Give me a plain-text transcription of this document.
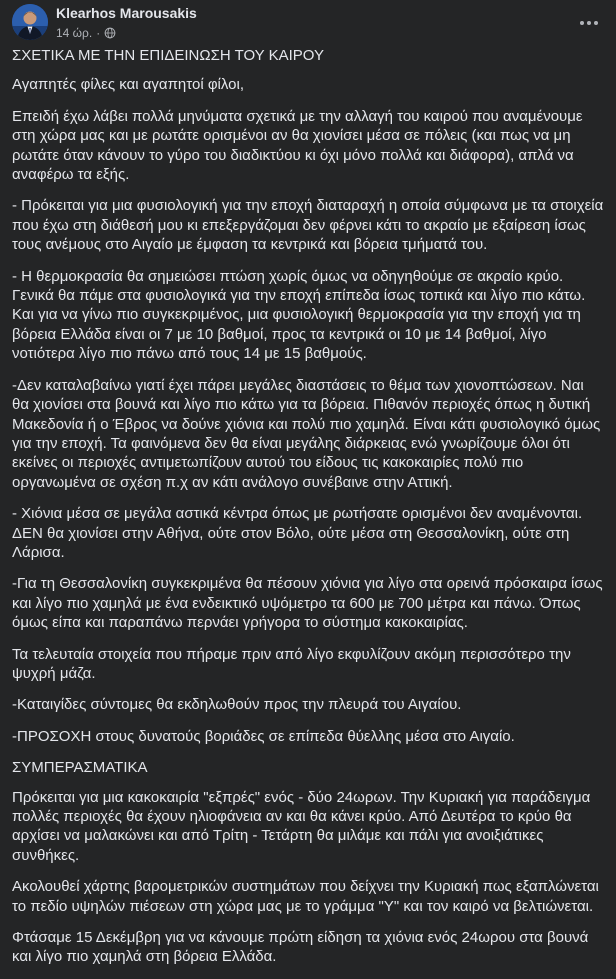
Klearhos Marousakis
14 ώρ. ·

ΣΧΕΤΙΚΑ ΜΕ ΤΗΝ ΕΠΙΔΕΙΝΩΣΗ ΤΟΥ ΚΑΙΡΟΥ

Αγαπητές φίλες και αγαπητοί φίλοι,

Επειδή έχω λάβει πολλά μηνύματα σχετικά με την αλλαγή του καιρού που αναμένουμε στη χώρα μας και με ρωτάτε ορισμένοι αν θα χιονίσει μέσα σε πόλεις (και πως να μη ρωτάτε όταν κάνουν το γύρο του διαδικτύου κι όχι μόνο πολλά και διάφορα), απλά να αναφέρω τα εξής.

- Πρόκειται για μια φυσιολογική για την εποχή διαταραχή η οποία σύμφωνα με τα στοιχεία που έχω στη διάθεσή μου κι επεξεργάζομαι δεν φέρνει κάτι το ακραίο με εξαίρεση ίσως τους ανέμους στο Αιγαίο με έμφαση τα κεντρικά και βόρεια τμήματά του.

- Η θερμοκρασία θα σημειώσει πτώση χωρίς όμως να οδηγηθούμε σε ακραίο κρύο. Γενικά θα πάμε στα φυσιολογικά για την εποχή επίπεδα ίσως τοπικά και λίγο πιο κάτω. Και για να γίνω πιο συγκεκριμένος, μια φυσιολογική θερμοκρασία για την εποχή για τη βόρεια Ελλάδα είναι οι 7 με 10 βαθμοί, προς τα κεντρικά οι 10 με 14 βαθμοί, λίγο νοτιότερα λίγο πιο πάνω από τους 14 με 15 βαθμούς.

-Δεν καταλαβαίνω γιατί έχει πάρει μεγάλες διαστάσεις το θέμα των χιονοπτώσεων. Ναι θα χιονίσει στα βουνά και λίγο πιο κάτω για τα βόρεια. Πιθανόν περιοχές όπως η δυτική Μακεδονία ή ο Έβρος να δούνε χιόνια και πολύ πιο χαμηλά. Είναι κάτι φυσιολογικό όμως για την εποχή. Τα φαινόμενα δεν θα είναι μεγάλης διάρκειας ενώ γνωρίζουμε όλοι ότι εκείνες οι περιοχές αντιμετωπίζουν αυτού του είδους τις κακοκαιρίες πολύ πιο οργανωμένα σε σχέση π.χ αν κάτι ανάλογο συνέβαινε στην Αττική.

- Χιόνια μέσα σε μεγάλα αστικά κέντρα όπως με ρωτήσατε ορισμένοι δεν αναμένονται. ΔΕΝ θα χιονίσει στην Αθήνα, ούτε στον Βόλο, ούτε μέσα στη Θεσσαλονίκη, ούτε στη Λάρισα.

-Για τη Θεσσαλονίκη συγκεκριμένα θα πέσουν χιόνια για λίγο στα ορεινά πρόσκαιρα ίσως και λίγο πιο χαμηλά με ένα ενδεικτικό υψόμετρο τα 600 με 700 μέτρα και πάνω. Όπως όμως είπα και παραπάνω περνάει γρήγορα το σύστημα κακοκαιρίας.

Τα τελευταία στοιχεία που πήραμε πριν από λίγο εκφυλίζουν ακόμη περισσότερο την ψυχρή μάζα.

-Καταιγίδες σύντομες θα εκδηλωθούν προς την πλευρά του Αιγαίου.

-ΠΡΟΣΟΧΗ στους δυνατούς βοριάδες σε επίπεδα θύελλης μέσα στο Αιγαίο.

ΣΥΜΠΕΡΑΣΜΑΤΙΚΑ

Πρόκειται για μια κακοκαιρία "εξπρές" ενός - δύο 24ωρων. Την Κυριακή για παράδειγμα πολλές περιοχές θα έχουν ηλιοφάνεια αν και θα κάνει κρύο. Από Δευτέρα το κρύο θα αρχίσει να μαλακώνει και από Τρίτη - Τετάρτη θα μιλάμε και πάλι για ανοιξιάτικες συνθήκες.

Ακολουθεί χάρτης βαρομετρικών συστημάτων που δείχνει την Κυριακή πως εξαπλώνεται το πεδίο υψηλών πιέσεων στη χώρα μας με το γράμμα "Υ" και τον καιρό να βελτιώνεται.

Φτάσαμε 15 Δεκέμβρη για να κάνουμε πρώτη είδηση τα χιόνια ενός 24ωρου στα βουνά και λίγο πιο χαμηλά στη βόρεια Ελλάδα.
